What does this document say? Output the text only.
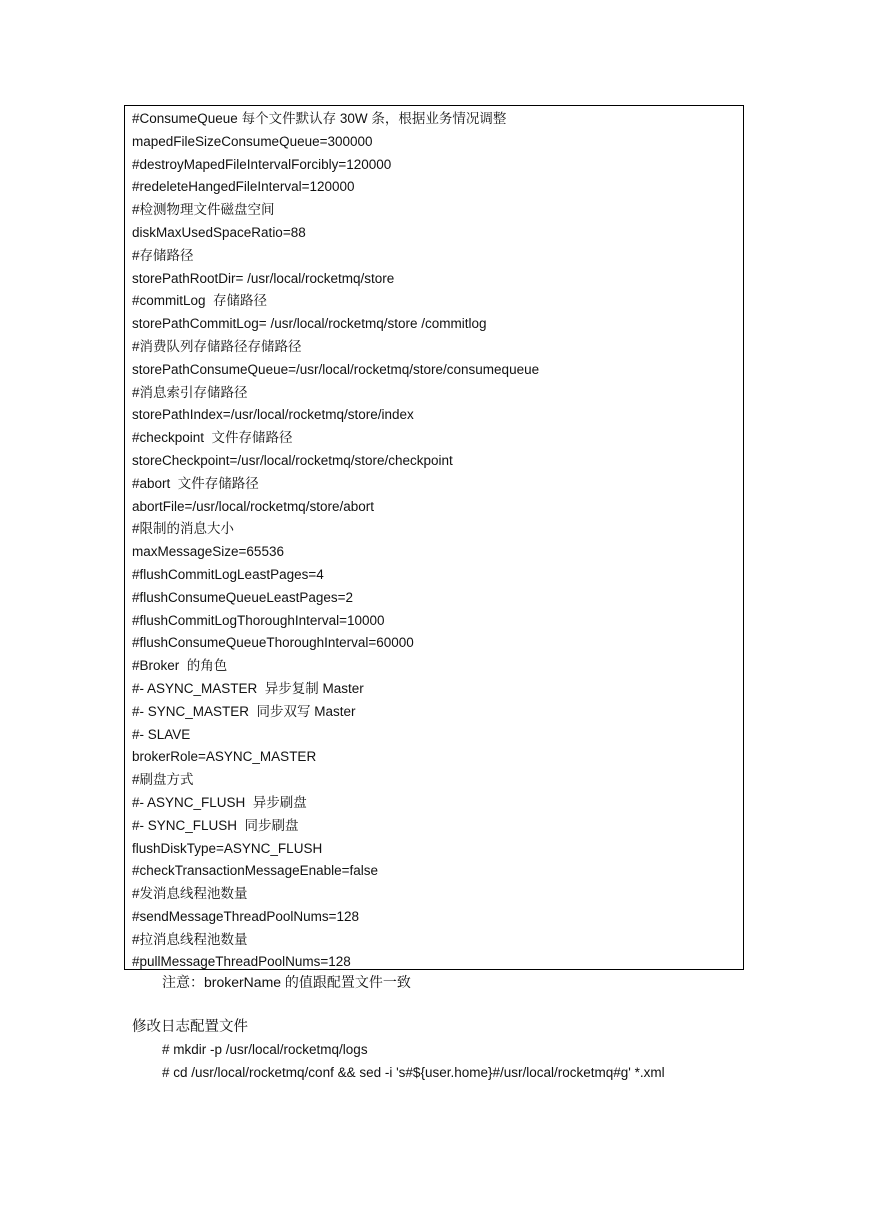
#ConsumeQueue 每个文件默认存 30W 条，根据业务情况调整
mapedFileSizeConsumeQueue=300000
#destroyMapedFileIntervalForcibly=120000
#redeleteHangedFileInterval=120000
#检测物理文件磁盘空间
diskMaxUsedSpaceRatio=88
#存储路径
storePathRootDir= /usr/local/rocketmq/store
#commitLog  存储路径
storePathCommitLog= /usr/local/rocketmq/store /commitlog
#消费队列存储路径存储路径
storePathConsumeQueue=/usr/local/rocketmq/store/consumequeue
#消息索引存储路径
storePathIndex=/usr/local/rocketmq/store/index
#checkpoint  文件存储路径
storeCheckpoint=/usr/local/rocketmq/store/checkpoint
#abort  文件存储路径
abortFile=/usr/local/rocketmq/store/abort
#限制的消息大小
maxMessageSize=65536
#flushCommitLogLeastPages=4
#flushConsumeQueueLeastPages=2
#flushCommitLogThoroughInterval=10000
#flushConsumeQueueThoroughInterval=60000
#Broker  的角色
#- ASYNC_MASTER  异步复制 Master
#- SYNC_MASTER  同步双写 Master
#- SLAVE
brokerRole=ASYNC_MASTER
#刷盘方式
#- ASYNC_FLUSH  异步刷盘
#- SYNC_FLUSH  同步刷盘
flushDiskType=ASYNC_FLUSH
#checkTransactionMessageEnable=false
#发消息线程池数量
#sendMessageThreadPoolNums=128
#拉消息线程池数量
#pullMessageThreadPoolNums=128
注意：brokerName 的值跟配置文件一致
修改日志配置文件
# mkdir -p /usr/local/rocketmq/logs
# cd /usr/local/rocketmq/conf && sed -i 's#${user.home}#/usr/local/rocketmq#g' *.xml
